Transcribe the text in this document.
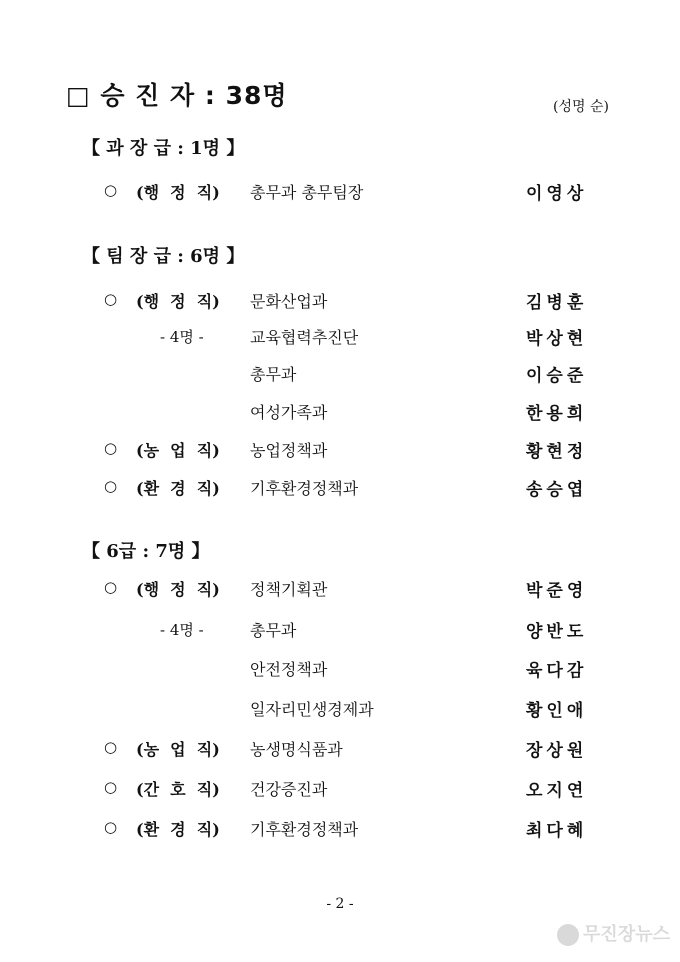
□ 승 진 자 : 38명	(성명 순)
【 과 장 급 : 1명 】
○ (행  정  직)	총무과 총무팀장	이영상
【 팀 장 급 : 6명 】
○ (행  정  직)	문화산업과	김병훈
- 4명 -	교육협력추진단	박상현
총무과	이승준
여성가족과	한용희
○ (농  업  직)	농업정책과	황현정
○ (환  경  직)	기후환경정책과	송승엽
【 6급 : 7명 】
○ (행  정  직)	정책기획관	박준영
- 4명 -	총무과	양반도
안전정책과	육다감
일자리민생경제과	황인애
○ (농  업  직)	농생명식품과	장상원
○ (간  호  직)	건강증진과	오지연
○ (환  경  직)	기후환경정책과	최다혜
- 2 -
무진장뉴스
